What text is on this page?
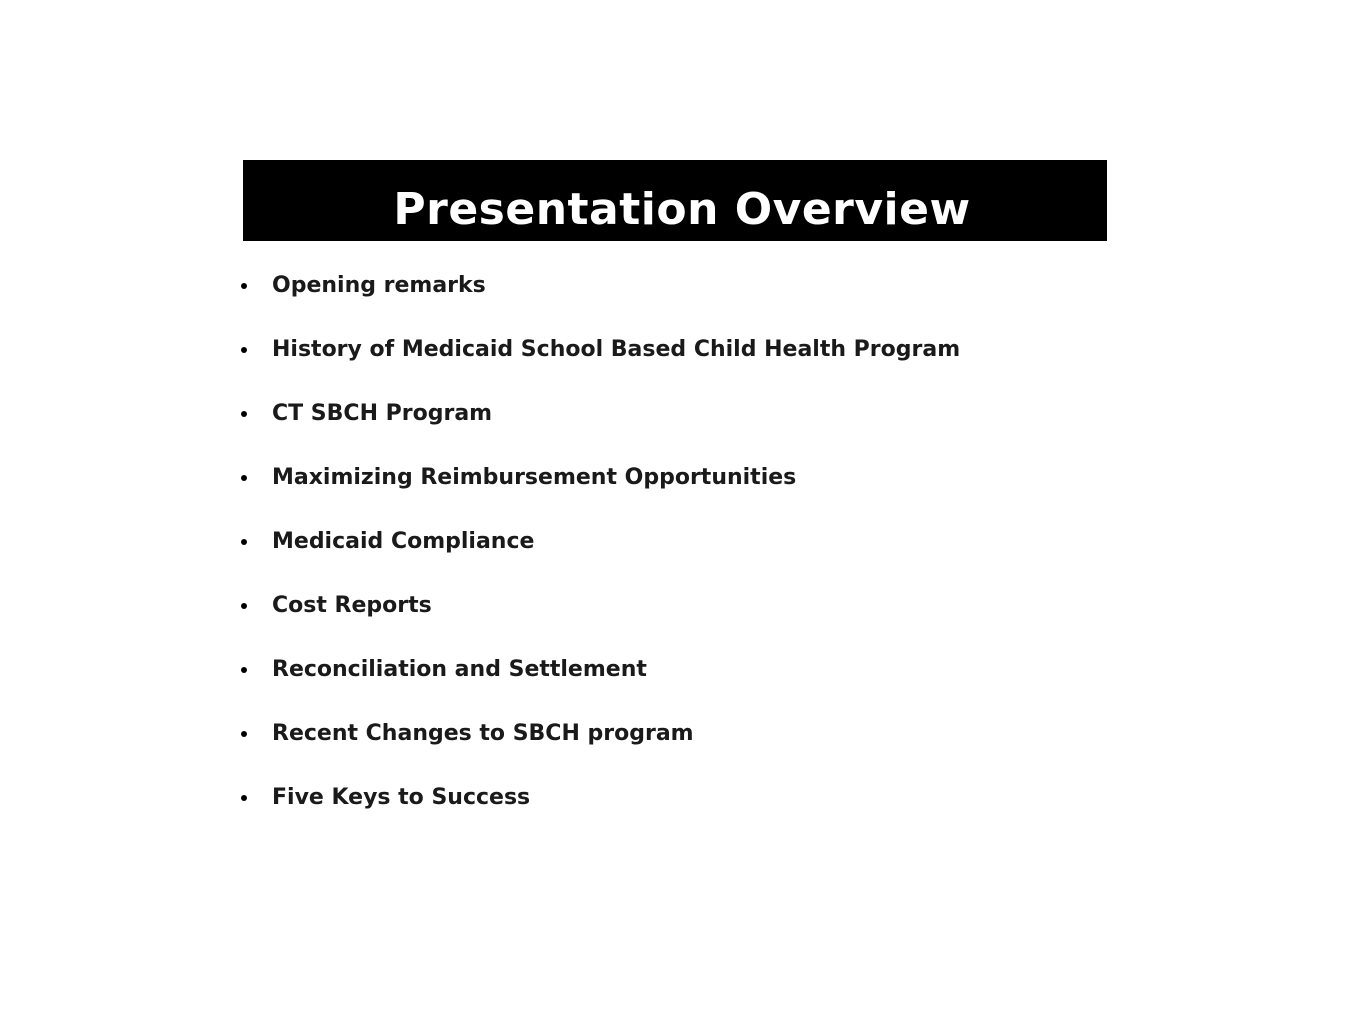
Presentation Overview
Opening remarks
History of Medicaid School Based Child Health Program
CT SBCH Program
Maximizing Reimbursement Opportunities
Medicaid Compliance
Cost Reports
Reconciliation and Settlement
Recent Changes to SBCH program
Five Keys to Success
